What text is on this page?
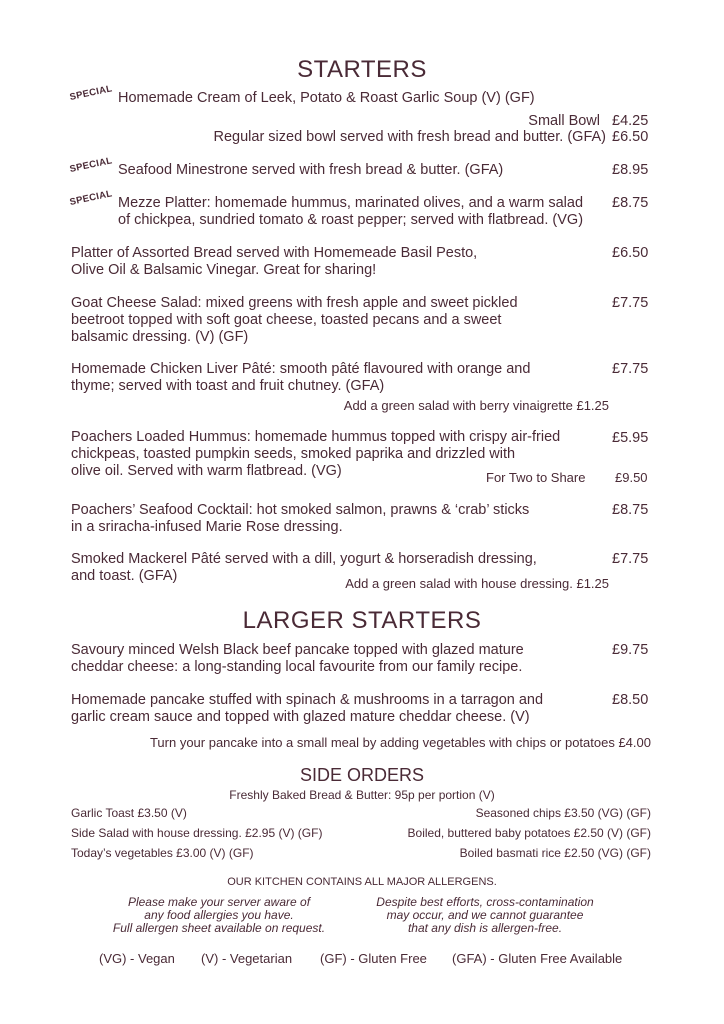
STARTERS
SPECIAL Homemade Cream of Leek, Potato & Roast Garlic Soup (V) (GF)
Small Bowl £4.25
Regular sized bowl served with fresh bread and butter. (GFA) £6.50
SPECIAL Seafood Minestrone served with fresh bread & butter. (GFA)	£8.95
SPECIAL Mezze Platter: homemade hummus, marinated olives, and a warm salad
of chickpea, sundried tomato & roast pepper; served with flatbread. (VG)
£8.75
Platter of Assorted Bread served with Homemeade Basil Pesto,
Olive Oil & Balsamic Vinegar. Great for sharing!
£6.50
Goat Cheese Salad: mixed greens with fresh apple and sweet pickled
beetroot topped with soft goat cheese, toasted pecans and a sweet
balsamic dressing. (V) (GF)
£7.75
Homemade Chicken Liver Pâté: smooth pâté flavoured with orange and
thyme; served with toast and fruit chutney. (GFA)
Add a green salad with berry vinaigrette £1.25
£7.75
Poachers Loaded Hummus: homemade hummus topped with crispy air-fried
chickpeas, toasted pumpkin seeds, smoked paprika and drizzled with
olive oil. Served with warm flatbread. (VG)
£5.95
For Two to Share £9.50
Poachers’ Seafood Cocktail: hot smoked salmon, prawns & ‘crab’ sticks
in a sriracha-infused Marie Rose dressing.
£8.75
Smoked Mackerel Pâté served with a dill, yogurt & horseradish dressing,
and toast. (GFA)	Add a green salad with house dressing. £1.25
£7.75
LARGER STARTERS
Savoury minced Welsh Black beef pancake topped with glazed mature
cheddar cheese: a long-standing local favourite from our family recipe.
£9.75
Homemade pancake stuffed with spinach & mushrooms in a tarragon and
garlic cream sauce and topped with glazed mature cheddar cheese. (V)
£8.50
Turn your pancake into a small meal by adding vegetables with chips or potatoes £4.00
SIDE ORDERS
Freshly Baked Bread & Butter: 95p per portion (V)
Garlic Toast £3.50 (V)
Side Salad with house dressing. £2.95 (V) (GF)
Today’s vegetables £3.00 (V) (GF)
Seasoned chips £3.50 (VG) (GF)
Boiled, buttered baby potatoes £2.50 (V) (GF)
Boiled basmati rice £2.50 (VG) (GF)
OUR KITCHEN CONTAINS ALL MAJOR ALLERGENS.
Please make your server aware of
any food allergies you have.
Full allergen sheet available on request.
Despite best efforts, cross-contamination
may occur, and we cannot guarantee
that any dish is allergen-free.
(VG) - Vegan (V) - Vegetarian (GF) - Gluten Free (GFA) - Gluten Free Available
